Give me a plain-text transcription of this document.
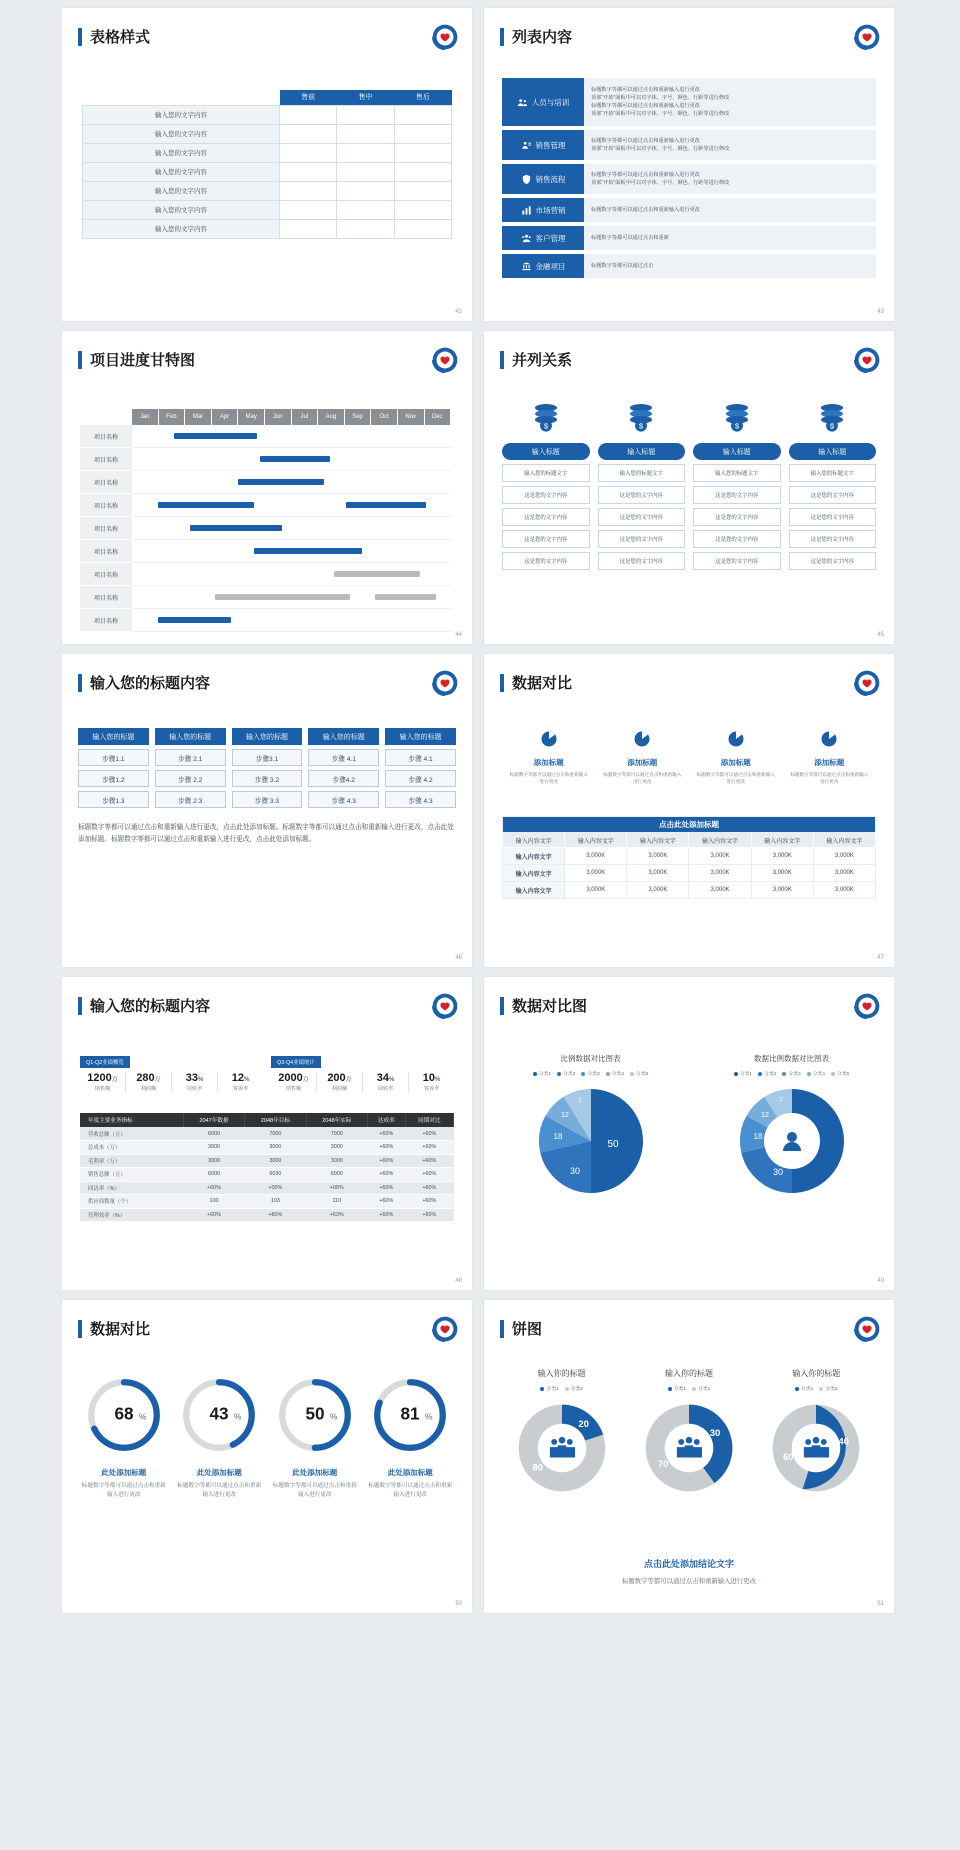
表格样式
	售前	售中	售后
输入您的文字内容			
输入您的文字内容			
输入您的文字内容			
输入您的文字内容			
输入您的文字内容			
输入您的文字内容			
输入您的文字内容			
42
列表内容
人员与培训
标题数字等都可以通过点击和重新输入进行更改
顶部“开始”面板中可以对字体、字号、颜色、行距等进行修改
标题数字等都可以通过点击和重新输入进行更改
顶部“开始”面板中可以对字体、字号、颜色、行距等进行修改
销售管理	标题数字等都可以通过点击和重新输入进行更改
顶部“开始”面板中可以对字体、字号、颜色、行距等进行修改
销售流程	标题数字等都可以通过点击和重新输入进行更改
顶部“开始”面板中可以对字体、字号、颜色、行距等进行修改
市场营销	标题数字等都可以通过点击和重新输入进行更改
客户管理	标题数字等都可以通过点击和重新
金融项目	标题数字等都可以通过点击
43
项目进度甘特图
Jan	Feb	Mar	Apr	May	Jun	Jul	Aug	Sep	Oct	Nov	Dec
项目名称
项目名称
项目名称
项目名称
项目名称
项目名称
项目名称
项目名称
项目名称
44
并列关系
$
输入标题
输入您的标题文字
这是您的文字内容
这是您的文字内容
这是您的文字内容
这是您的文字内容
$
输入标题
输入您的标题文字
这是您的文字内容
这是您的文字内容
这是您的文字内容
这是您的文字内容
$
输入标题
输入您的标题文字
这是您的文字内容
这是您的文字内容
这是您的文字内容
这是您的文字内容
$
输入标题
输入您的标题文字
这是您的文字内容
这是您的文字内容
这是您的文字内容
这是您的文字内容
45
输入您的标题内容
输入您的标题
步骤1.1
步骤1.2
步骤1.3
输入您的标题
步骤 2.1
步骤 2.2
步骤 2.3
输入您的标题
步骤3.1
步骤 3.2
步骤 3.3
输入您的标题
步骤 4.1
步骤4.2
步骤 4.3
输入您的标题
步骤 4.1
步骤 4.2
步骤 4.3
标题数字等都可以通过点击和重新输入进行更改，点击此处添加标题。标题数字等都可以通过点击和重新输入进行更改，点击此处添加标题。标题数字等都可以通过点击和重新输入进行更改，点击此处添加标题。
46
数据对比
添加标题
标题数字等都可以通过点击和重新输入进行更改
添加标题
标题数字等都可以通过点击和重新输入进行更改
添加标题
标题数字等都可以通过点击和重新输入进行更改
添加标题
标题数字等都可以通过点击和重新输入进行更改
点击此处添加标题					
输入内容文字	输入内容文字	输入内容文字	输入内容文字	输入内容文字	输入内容文字
输入内容文字	3,000K	3,000K	3,000K	3,000K	3,000K
输入内容文字	3,000K	3,000K	3,000K	3,000K	3,000K
输入内容文字	3,000K	3,000K	3,000K	3,000K	3,000K
47
输入您的标题内容
Q1-Q2业绩概览
1200万
销售额
280万
利润额
33%
周转率
12%
客诉率
Q3-Q4业绩统计
2000万
销售额
200万
利润额
34%
周转率
10%
客诉率
年度主要业务指标	2047年数据	2048年目标	2048年实际	达成率	同期对比
营收总额（万）	6000	7000	7000	+60%	+60%
总成本（万）	3000	3000	3000	+60%	+60%
毛利率（万）	3000	3000	3000	+60%	+60%
销售总额（万）	6000	6030	6000	+60%	+60%
回访率（%）	+60%	+00%	+00%	+60%	+60%
供应商数量（个）	100	103	110	+60%	+60%
管理效率（%）	+60%	+80%	+63%	+60%	+60%
48
数据对比图
比例数据对比图表
分类1	分类2	分类3	分类4	分类5
50
30
18
12
7
数据比例数据对比图表
分类1	分类2	分类3	分类4	分类5
50
30
18
12
7
49
数据对比
68 %
此处添加标题
标题数字等都可以通过点击和重新输入进行更改
43 %
此处添加标题
标题数字等都可以通过点击和重新输入进行更改
50 %
此处添加标题
标题数字等都可以通过点击和重新输入进行更改
81 %
此处添加标题
标题数字等都可以通过点击和重新输入进行更改
50
饼图
输入你的标题
分类1	分类2
20
80
输入你的标题
分类1	分类2
30
70
输入你的标题
分类1	分类2
40
60
点击此处添加结论文字
标题数字等都可以通过点击和重新输入进行更改
51
